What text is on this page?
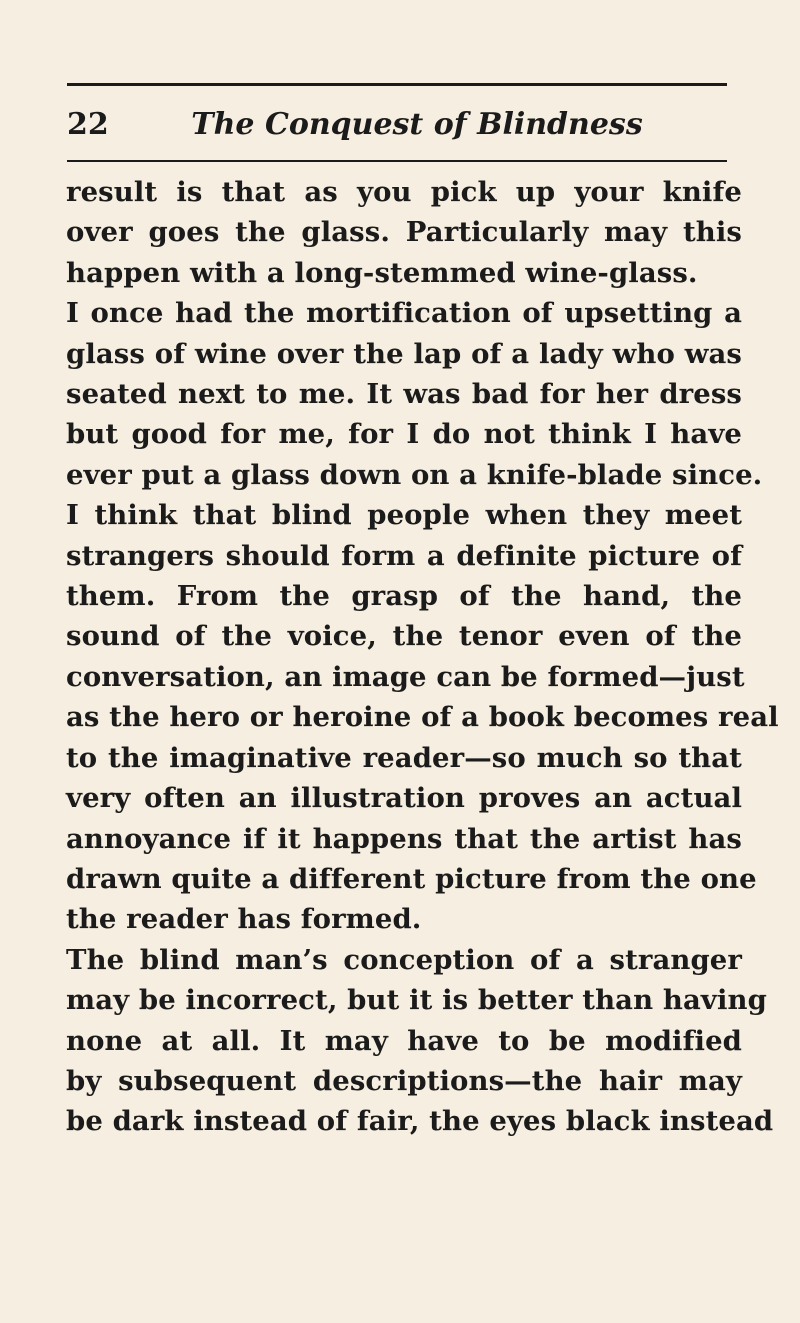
22	The Conquest of Blindness
result is that as you pick up your knife
over goes the glass. Particularly may this
happen with a long-stemmed wine-glass.
I once had the mortification of upsetting a
glass of wine over the lap of a lady who was
seated next to me. It was bad for her dress
but good for me, for I do not think I have
ever put a glass down on a knife-blade since.
I think that blind people when they meet
strangers should form a definite picture of
them. From the grasp of the hand, the
sound of the voice, the tenor even of the
conversation, an image can be formed—just
as the hero or heroine of a book becomes real
to the imaginative reader—so much so that
very often an illustration proves an actual
annoyance if it happens that the artist has
drawn quite a different picture from the one
the reader has formed.
The blind man’s conception of a stranger
may be incorrect, but it is better than having
none at all. It may have to be modified
by subsequent descriptions—the hair may
be dark instead of fair, the eyes black instead
